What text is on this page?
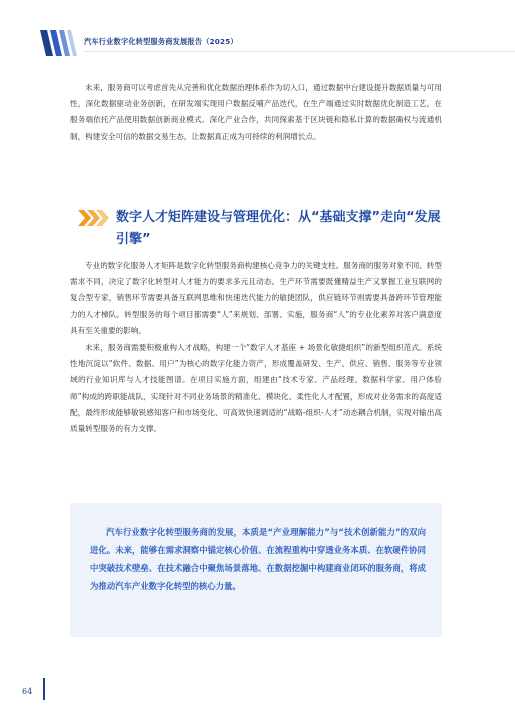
汽车行业数字化转型服务商发展报告（2025）

未来，服务商可以考虑首先从完善和优化数据治理体系作为切入口，通过数据中台建设提升数据质量与可用性，深化数据驱动业务创新，在研发端实现用户数据反哺产品迭代，在生产端通过实时数据优化制造工艺，在服务端依托产品使用数据创新商业模式。深化产业合作，共同探索基于区块链和隐私计算的数据确权与流通机制，构建安全可信的数据交易生态，让数据真正成为可持续的利润增长点。

数字人才矩阵建设与管理优化：从“基础支撑”走向“发展引擎”

专业的数字化服务人才矩阵是数字化转型服务商构建核心竞争力的关键支柱。服务商的服务对象不同、转型需求不同，决定了数字化转型对人才能力的要求多元且动态。生产环节需要既懂精益生产又掌握工业互联网的复合型专家，销售环节需要具备互联网思维和快速迭代能力的敏捷团队，供应链环节则需要具备跨环节管理能力的人才梯队。转型服务的每个项目都需要“人”来规划、部署、实施，服务商“人”的专业化素养对客户满意度具有至关重要的影响。

未来，服务商需要积极重构人才战略，构建一个“数字人才基座 + 场景化敏捷组织”的新型组织范式。系统性地沉淀以“软件、数据、用户”为核心的数字化能力资产，形成覆盖研发、生产、供应、销售、服务等专业领域的行业知识库与人才技能图谱。在项目实施方面，组建由“技术专家、产品经理、数据科学家、用户体验师”构成的跨职能战队，实现针对不同业务场景的精准化、模块化、柔性化人才配置，形成对业务需求的高度适配，最终形成能够敏锐感知客户和市场变化、可高效快速调适的“战略-组织-人才”动态耦合机制，实现对输出高质量转型服务的有力支撑。

汽车行业数字化转型服务商的发展，本质是“产业理解能力”与“技术创新能力”的双向进化。未来，能够在需求洞察中锚定核心价值、在流程重构中穿透业务本质、在软硬件协同中突破技术壁垒、在技术融合中聚焦场景落地、在数据挖掘中构建商业闭环的服务商，将成为推动汽车产业数字化转型的核心力量。

64
